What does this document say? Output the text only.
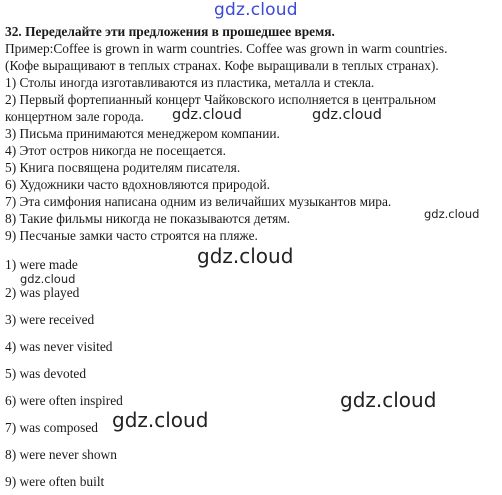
gdz.cloud
gdz.cloud	gdz.cloud
gdz.cloud
gdz.cloud
gdz.cloud
gdz.cloud
gdz.cloud
32. Переделайте эти предложения в прошедшее время.
Пример:Coffee is grown in warm countries. Coffee was grown in warm countries.
(Кофе выращивают в теплых странах. Кофе выращивали в теплых странах).
1) Столы иногда изготавливаются из пластика, металла и стекла.
2) Первый фортепианный концерт Чайковского исполняется в центральном
концертном зале города.
3) Письма принимаются менеджером компании.
4) Этот остров никогда не посещается.
5) Книга посвящена родителям писателя.
6) Художники часто вдохновляются природой.
7) Эта симфония написана одним из величайших музыкантов мира.
8) Такие фильмы никогда не показываются детям.
9) Песчаные замки часто строятся на пляже.
1) were made
2) was played
3) were received
4) was never visited
5) was devoted
6) were often inspired
7) was composed
8) were never shown
9) were often built
